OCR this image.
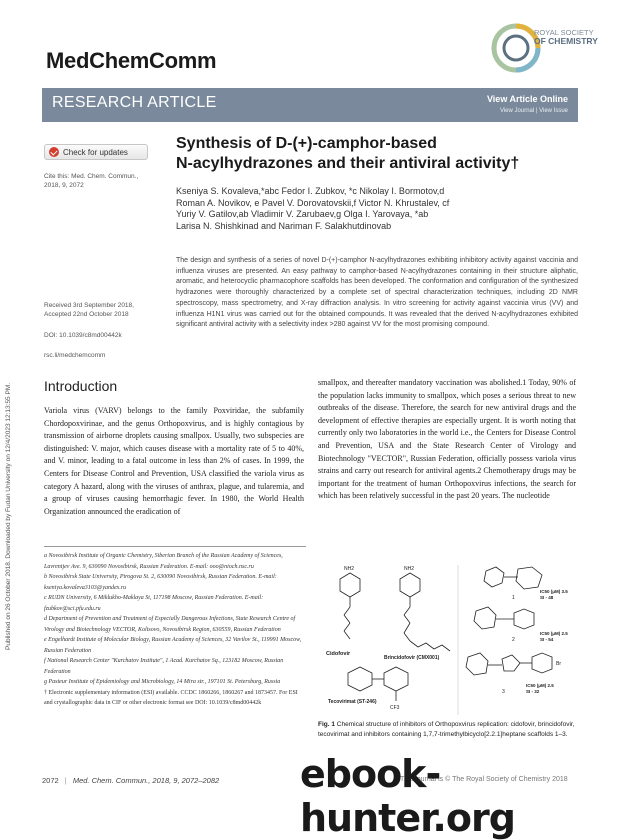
Published on 26 October 2018. Downloaded by Fudan University on 12/4/2023 12:13:55 PM.
MedChemComm
ROYAL SOCIETY
OF CHEMISTRY
RESEARCH ARTICLE	View Article Online
View Journal | View Issue
Check for updates
Cite this: Med. Chem. Commun.,
2018, 9, 2072
Received 3rd September 2018,
Accepted 22nd October 2018
DOI: 10.1039/c8md00442k
rsc.li/medchemcomm
Synthesis of D-(+)-camphor-based
N-acylhydrazones and their antiviral activity†
Kseniya S. Kovaleva,*abc Fedor I. Zubkov, *c Nikolay I. Bormotov,d
Roman A. Novikov, e Pavel V. Dorovatovskii,f Victor N. Khrustalev, cf
Yuriy V. Gatilov,ab Vladimir V. Zarubaev,g Olga I. Yarovaya, *ab
Larisa N. Shishkinad and Nariman F. Salakhutdinovab
The design and synthesis of a series of novel D-(+)-camphor N-acylhydrazones exhibiting inhibitory activity against vaccinia and influenza viruses are presented. An easy pathway to camphor-based N-acylhydrazones containing in their structure aliphatic, aromatic, and heterocyclic pharmacophore scaffolds has been developed. The conformation and configuration of the synthesized hydrazones were thoroughly characterized by a complete set of spectral characterization techniques, including 2D NMR spectroscopy, mass spectrometry, and X-ray diffraction analysis. In vitro screening for activity against vaccinia virus (VV) and influenza H1N1 virus was carried out for the obtained compounds. It was revealed that the derived N-acylhydrazones exhibited significant antiviral activity with a selectivity index >280 against VV for the most promising compound.
Introduction
Variola virus (VARV) belongs to the family Poxviridae, the subfamily Chordopoxvirinae, and the genus Orthopoxvirus, and is highly contagious by transmission of airborne droplets causing smallpox. Usually, two subspecies are distinguished: V. major, which causes disease with a mortality rate of 5 to 40%, and V. minor, leading to a fatal outcome in less than 2% of cases. In 1999, the Centers for Disease Control and Prevention, USA classified the variola virus as category A hazard, along with the viruses of anthrax, plague, and tularemia, and a group of viruses causing hemorrhagic fever. In 1980, the World Health Organization announced the eradication of
smallpox, and thereafter mandatory vaccination was abolished.1 Today, 90% of the population lacks immunity to smallpox, which poses a serious threat to new outbreaks of the disease. Therefore, the search for new antiviral drugs and the development of effective therapies are especially urgent. It is worth noting that currently only two laboratories in the world i.e., the Centers for Disease Control and Prevention, USA and the State Research Center of Virology and Biotechnology "VECTOR", Russian Federation, officially possess variola virus strains and carry out research for antiviral agents.2 Chemotherapy drugs may be important for the treatment of human Orthopoxvirus infections, the search for which has been relatively successful in the past 20 years. The nucleotide
a Novosibirsk Institute of Organic Chemistry, Siberian Branch of the Russian Academy of Sciences, Lavrentjev Ave. 9, 630090 Novosibirsk, Russian Federation. E-mail: ooo@nioch.nsc.ru
b Novosibirsk State University, Pirogova St. 2, 630090 Novosibirsk, Russian Federation. E-mail: kseniya.kovaleva3103@yandex.ru
c RUDN University, 6 Miklukho-Maklaya St, 117198 Moscow, Russian Federation. E-mail: fzubkov@sci.pfu.edu.ru
d Department of Prevention and Treatment of Especially Dangerous Infections, State Research Centre of Virology and Biotechnology VECTOR, Koltsovo, Novosibirsk Region, 630559, Russian Federation
e Engelhardt Institute of Molecular Biology, Russian Academy of Sciences, 32 Vavilov St., 119991 Moscow, Russian Federation
f National Research Center "Kurchatov Institute", 1 Acad. Kurchatov Sq., 123182 Moscow, Russian Federation
g Pasteur Institute of Epidemiology and Microbiology, 14 Mira str., 197101 St. Petersburg, Russia
† Electronic supplementary information (ESI) available. CCDC 1860266, 1860267 and 1873457. For ESI and crystallographic data in CIF or other electronic format see DOI: 10.1039/c8md00442k
NH2
Cidofovir
NH2
Brincidofovir (CMX001)
CF3
Tecovirimat (ST-246)
1
IC50 (μM) 3.5
SI - 48
2
IC50 (μM) 2.5
SI - 54
Br
3
IC50 (μM) 2.5
SI - 32
Fig. 1 Chemical structure of inhibitors of Orthopoxvirus replication: cidofovir, brincidofovir, tecovirimat and inhibitors containing 1,7,7-trimethylbicyclo[2.2.1]heptane scaffolds 1–3.
2072 | Med. Chem. Commun., 2018, 9, 2072–2082	This journal is © The Royal Society of Chemistry 2018
ebook-hunter.org
